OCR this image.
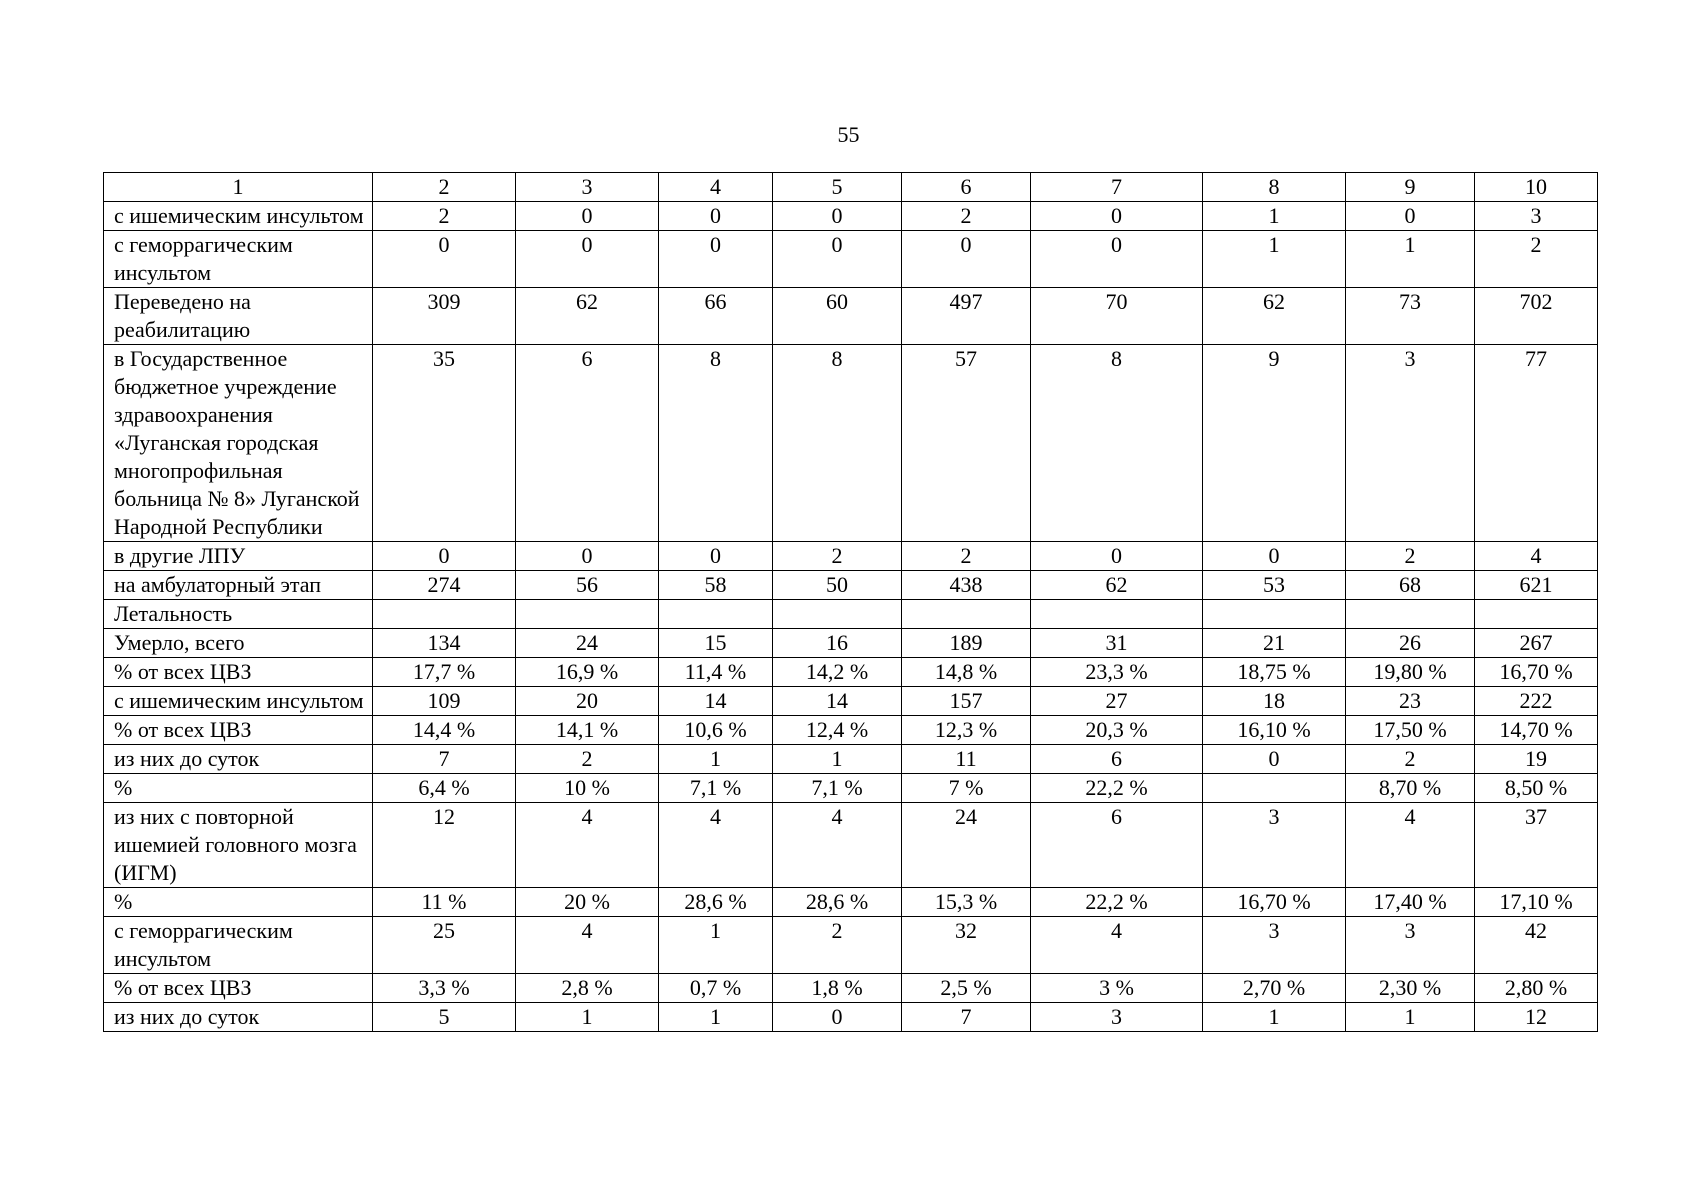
55
1	2	3	4	5	6	7	8	9	10
с ишемическим инсультом	2	0	0	0	2	0	1	0	3
с геморрагическим инсультом	0	0	0	0	0	0	1	1	2
Переведено на реабилитацию	309	62	66	60	497	70	62	73	702
в Государственное бюджетное учреждение здравоохранения «Луганская городская многопрофильная больница № 8» Луганской Народной Республики	35	6	8	8	57	8	9	3	77
в другие ЛПУ	0	0	0	2	2	0	0	2	4
на амбулаторный этап	274	56	58	50	438	62	53	68	621
Летальность									
Умерло, всего	134	24	15	16	189	31	21	26	267
% от всех ЦВЗ	17,7 %	16,9 %	11,4 %	14,2 %	14,8 %	23,3 %	18,75 %	19,80 %	16,70 %
с ишемическим инсультом	109	20	14	14	157	27	18	23	222
% от всех ЦВЗ	14,4 %	14,1 %	10,6 %	12,4 %	12,3 %	20,3 %	16,10 %	17,50 %	14,70 %
из них до суток	7	2	1	1	11	6	0	2	19
%	6,4 %	10 %	7,1 %	7,1 %	7 %	22,2 %		8,70 %	8,50 %
из них с повторной ишемией головного мозга (ИГМ)	12	4	4	4	24	6	3	4	37
%	11 %	20 %	28,6 %	28,6 %	15,3 %	22,2 %	16,70 %	17,40 %	17,10 %
с геморрагическим инсультом	25	4	1	2	32	4	3	3	42
% от всех ЦВЗ	3,3 %	2,8 %	0,7 %	1,8 %	2,5 %	3 %	2,70 %	2,30 %	2,80 %
из них до суток	5	1	1	0	7	3	1	1	12
